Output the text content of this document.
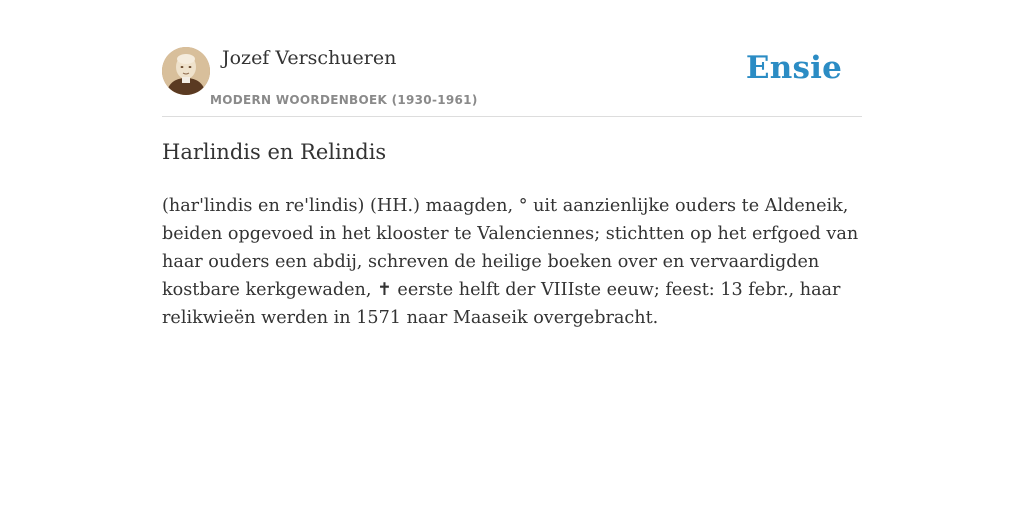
Jozef Verschueren
MODERN WOORDENBOEK (1930-1961)
Ensie
Harlindis en Relindis

(har'lindis en re'lindis) (HH.) maagden, ° uit aanzienlijke ouders te Aldeneik, beiden opgevoed in het klooster te Valenciennes; stichtten op het erfgoed van haar ouders een abdij, schreven de heilige boeken over en vervaardigden kostbare kerkgewaden, ✝ eerste helft der VIIIste eeuw; feest: 13 febr., haar relikwieën werden in 1571 naar Maaseik overgebracht.
